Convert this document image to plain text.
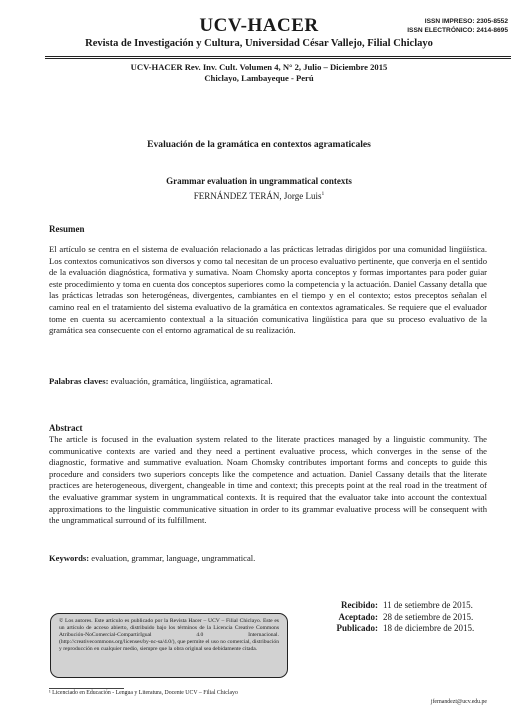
UCV-HACER	ISSN IMPRESO: 2305-8552
ISSN ELECTRÓNICO: 2414-8695
Revista de Investigación y Cultura, Universidad César Vallejo, Filial Chiclayo
UCV-HACER Rev. Inv. Cult. Volumen 4, N° 2, Julio – Diciembre 2015
Chiclayo, Lambayeque - Perú
Evaluación de la gramática en contextos agramaticales
Grammar evaluation in ungrammatical contexts
FERNÁNDEZ TERÁN, Jorge Luis$^1$
Resumen
El artículo se centra en el sistema de evaluación relacionado a las prácticas letradas dirigidos por una comunidad lingüística. Los contextos comunicativos son diversos y como tal necesitan de un proceso evaluativo pertinente, que converja en el sentido de la evaluación diagnóstica, formativa y sumativa. Noam Chomsky aporta conceptos y formas importantes para poder guiar este procedimiento y toma en cuenta dos conceptos superiores como la competencia y la actuación. Daniel Cassany detalla que las prácticas letradas son heterogéneas, divergentes, cambiantes en el tiempo y en el contexto; estos preceptos señalan el camino real en el tratamiento del sistema evaluativo de la gramática en contextos agramaticales. Se requiere que el evaluador tome en cuenta su acercamiento contextual a la situación comunicativa lingüística para que su proceso evaluativo de la gramática sea consecuente con el entorno agramatical de su realización.
Palabras claves: evaluación, gramática, lingüística, agramatical.
Abstract
The article is focused in the evaluation system related to the literate practices managed by a linguistic community. The communicative contexts are varied and they need a pertinent evaluative process, which converges in the sense of the diagnostic, formative and summative evaluation. Noam Chomsky contributes important forms and concepts to guide this procedure and considers two superiors concepts like the competence and actuation. Daniel Cassany details that the literate practices are heterogeneous, divergent, changeable in time and context; this precepts point at the real road in the treatment of the evaluative grammar system in ungrammatical contexts. It is required that the evaluator take into account the contextual approximations to the linguistic communicative situation in order to its grammar evaluative process will be consequent with the ungrammatical surround of its fulfillment.
Keywords: evaluation, grammar, language, ungrammatical.
Recibido: 11 de setiembre de 2015.
Aceptado: 28 de setiembre de 2015.
Publicado: 18 de diciembre de 2015.
© Los autores. Este artículo es publicado por la Revista Hacer – UCV – Filial Chiclayo. Este es un artículo de acceso abierto, distribuido bajo los términos de la Licencia Creative Commons Atribución-NoComercial-CompartirIgual 4.0 Internacional. (http://creativecommons.org/licenses/by-nc-sa/4.0/), que permite el uso no comercial, distribución y reproducción en cualquier medio, siempre que la obra original sea debidamente citada.
¹ Licenciado en Educación - Lengua y Literatura, Docente UCV – Filial Chiclayo
jfernandezt@ucv.edu.pe
